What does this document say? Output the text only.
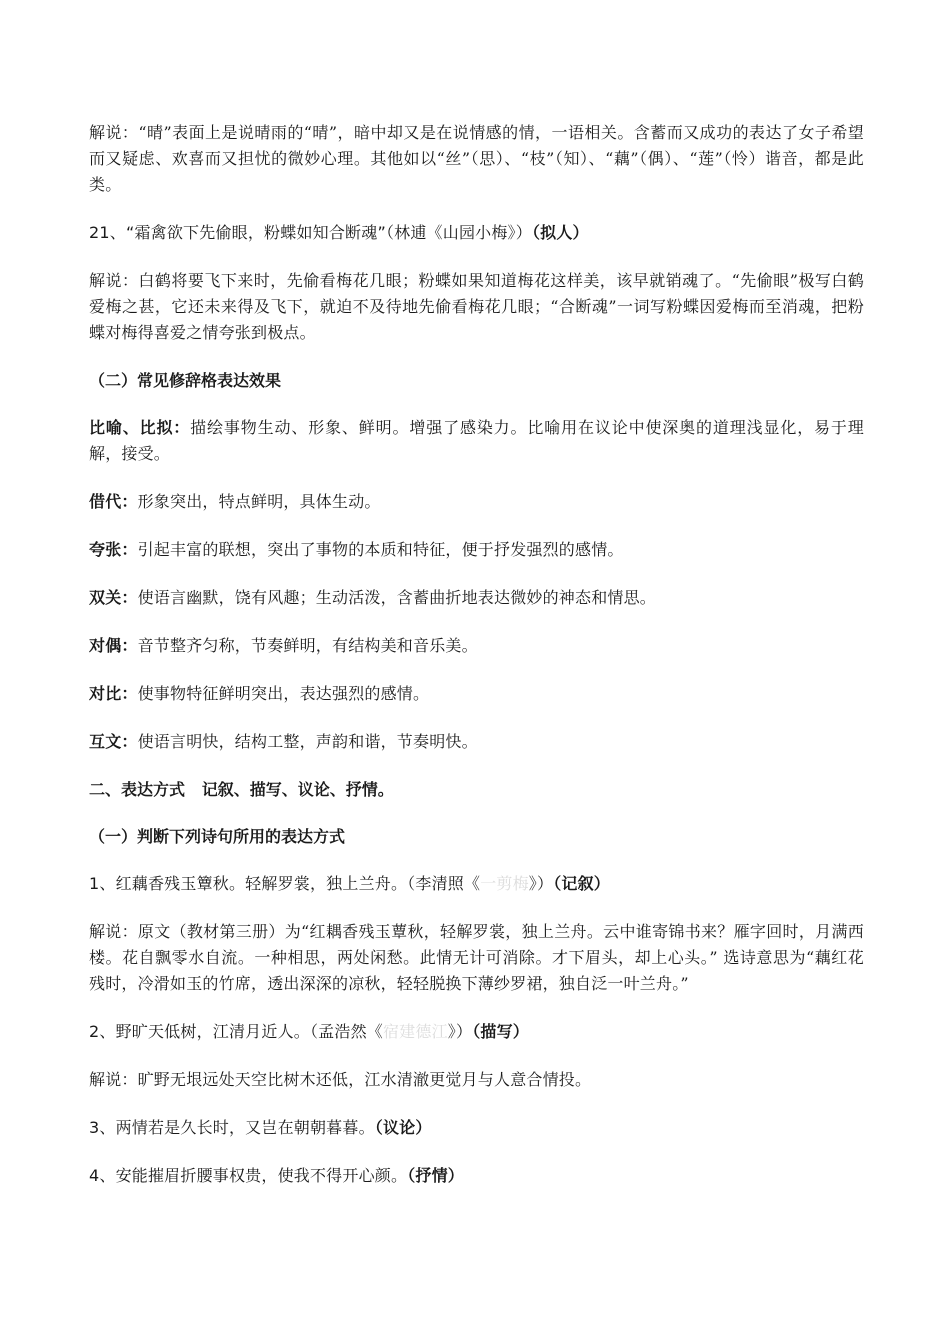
解说：“晴”表面上是说晴雨的“晴”，暗中却又是在说情感的情，一语相关。含蓄而又成功的表达了女子希望而又疑虑、欢喜而又担忧的微妙心理。其他如以“丝”（思）、“枝”（知）、“藕”（偶）、“莲”（怜）谐音，都是此类。

21、“霜禽欲下先偷眼，粉蝶如知合断魂”（林逋《山园小梅》）（拟人）

解说：白鹤将要飞下来时，先偷看梅花几眼；粉蝶如果知道梅花这样美，该早就销魂了。“先偷眼”极写白鹤爱梅之甚，它还未来得及飞下，就迫不及待地先偷看梅花几眼；“合断魂”一词写粉蝶因爱梅而至消魂，把粉蝶对梅得喜爱之情夸张到极点。

（二）常见修辞格表达效果

比喻、比拟：描绘事物生动、形象、鲜明。增强了感染力。比喻用在议论中使深奥的道理浅显化，易于理解，接受。

借代：形象突出，特点鲜明，具体生动。

夸张：引起丰富的联想，突出了事物的本质和特征，便于抒发强烈的感情。

双关：使语言幽默，饶有风趣；生动活泼，含蓄曲折地表达微妙的神态和情思。

对偶：音节整齐匀称，节奏鲜明，有结构美和音乐美。

对比：使事物特征鲜明突出，表达强烈的感情。

互文：使语言明快，结构工整，声韵和谐，节奏明快。

二、表达方式   记叙、描写、议论、抒情。

（一）判断下列诗句所用的表达方式

1、红藕香残玉簟秋。轻解罗裳，独上兰舟。（李清照《一剪梅》）（记叙）

解说：原文（教材第三册）为“红耦香残玉蕈秋，轻解罗裳，独上兰舟。云中谁寄锦书来？雁字回时，月满西楼。花自飘零水自流。一种相思，两处闲愁。此情无计可消除。才下眉头，却上心头。” 选诗意思为“藕红花残时，冷滑如玉的竹席，透出深深的凉秋，轻轻脱换下薄纱罗裙，独自泛一叶兰舟。”

2、野旷天低树，江清月近人。（孟浩然《宿建德江》）（描写）

解说：旷野无垠远处天空比树木还低，江水清澈更觉月与人意合情投。

3、两情若是久长时，又岂在朝朝暮暮。（议论）

4、安能摧眉折腰事权贵，使我不得开心颜。（抒情）
